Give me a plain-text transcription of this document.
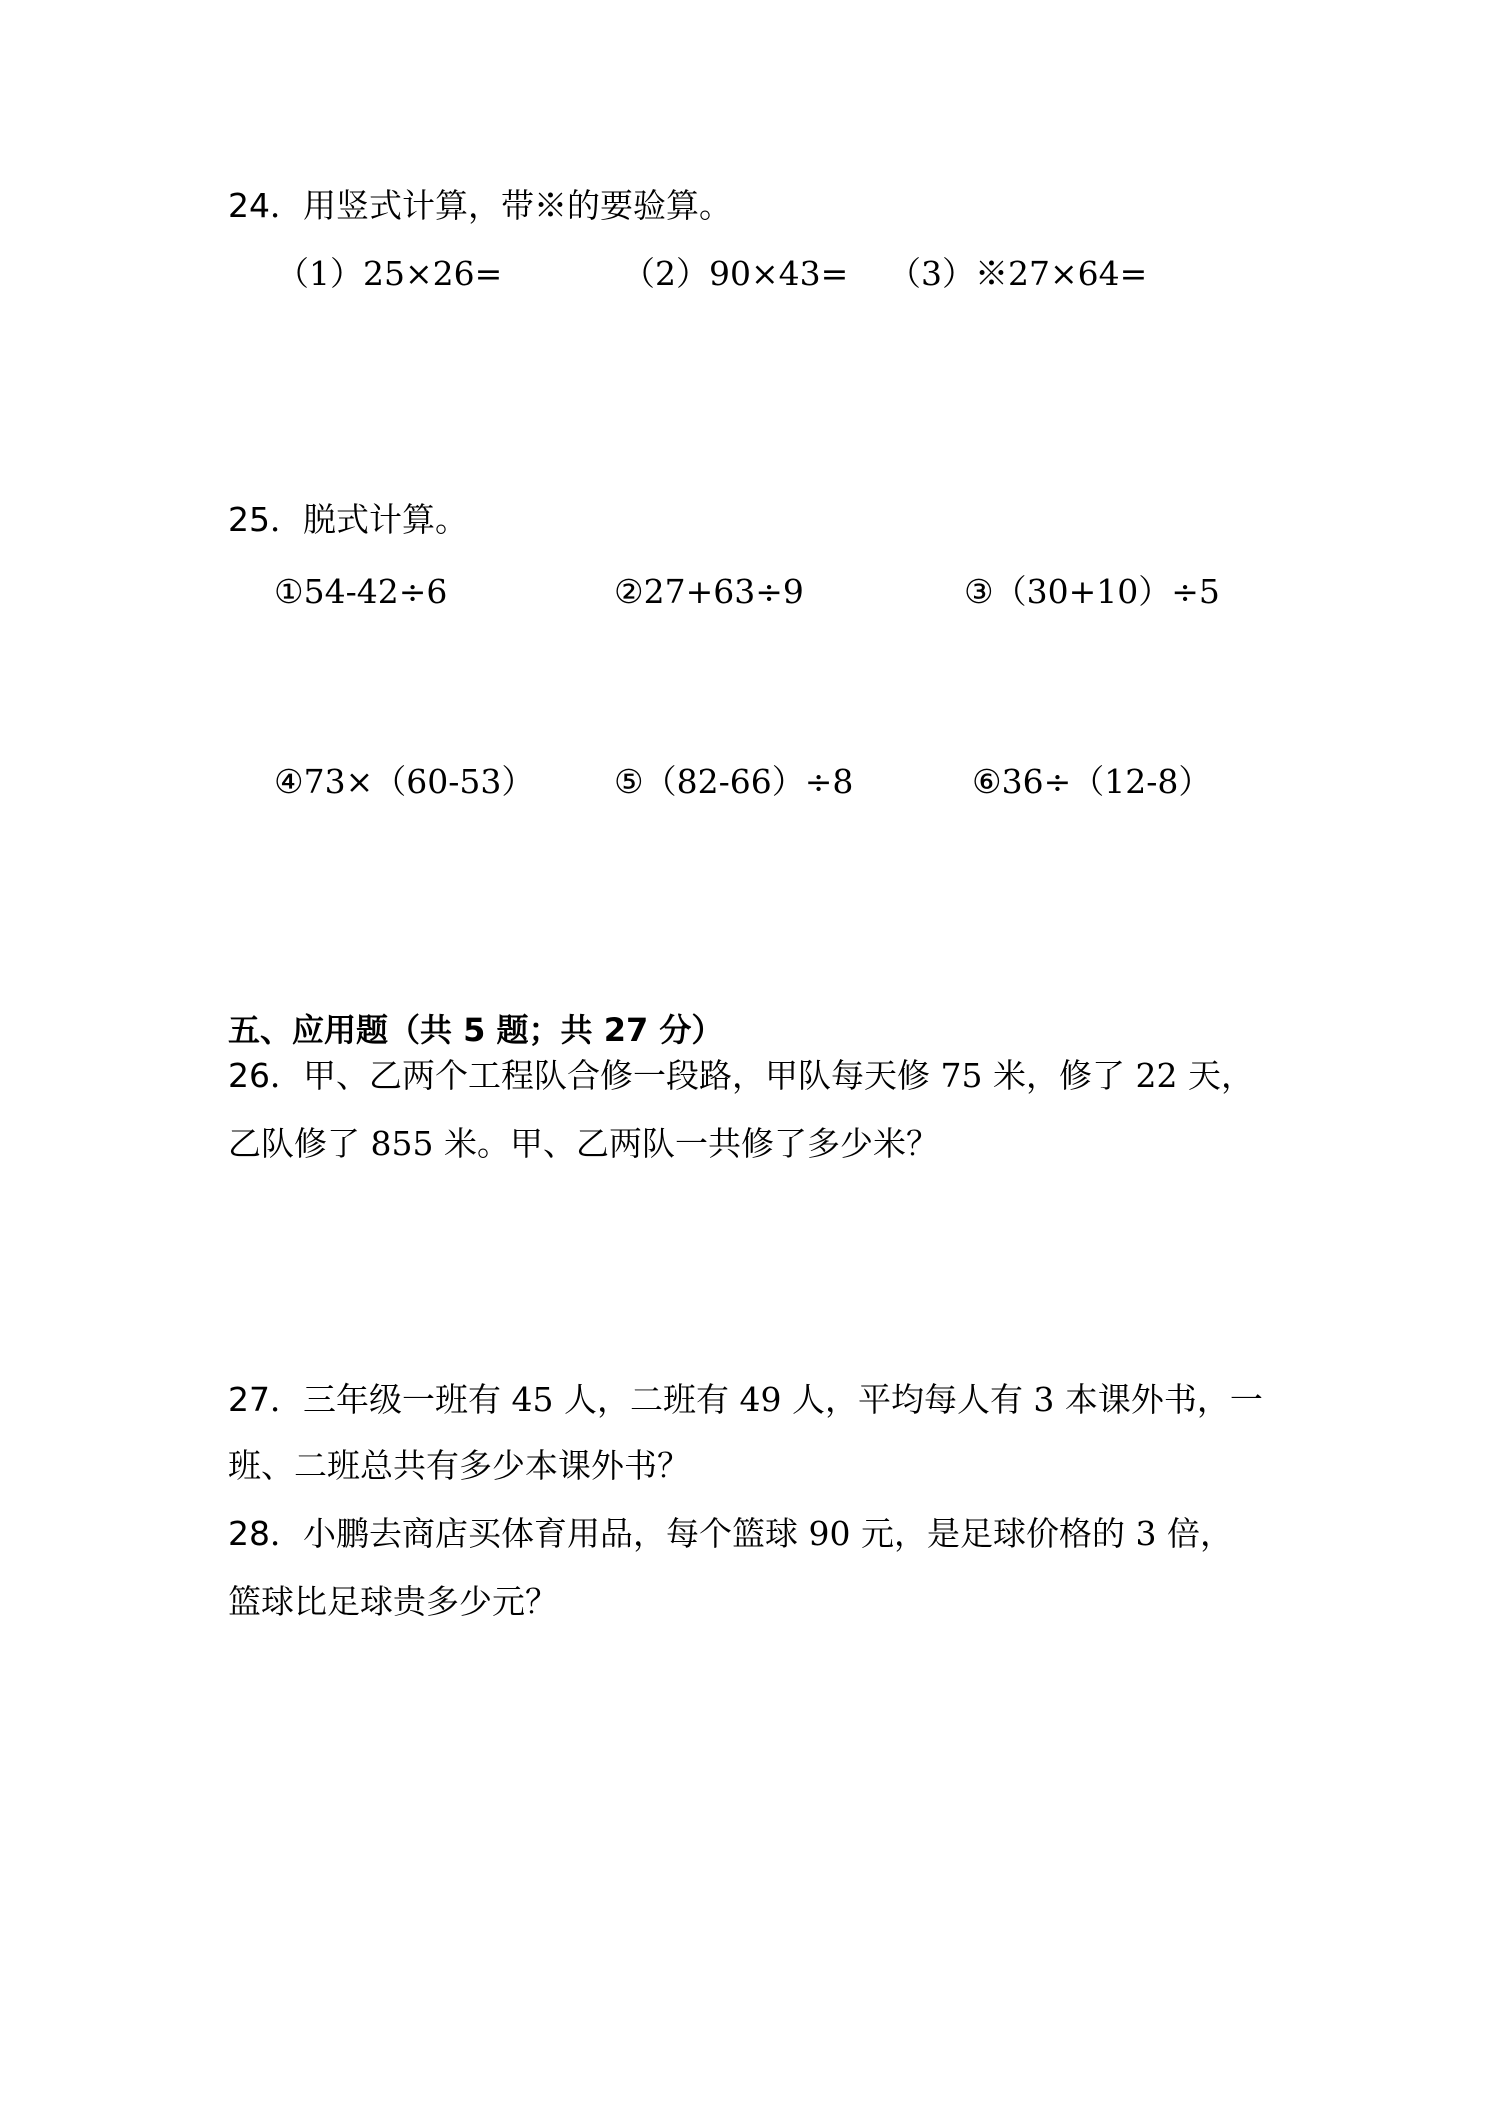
24．用竖式计算，带※的要验算。
（1）25×26=	（2）90×43= （3）※27×64=
25．脱式计算。
①54-42÷6	②27+63÷9	③（30+10）÷5
④73×（60-53） ⑤（82-66）÷8	⑥36÷（12-8）
五、应用题（共 5 题；共 27 分）
26．甲、乙两个工程队合修一段路，甲队每天修 75 米，修了 22 天，
乙队修了 855 米。甲、乙两队一共修了多少米？
27．三年级一班有 45 人，二班有 49 人，平均每人有 3 本课外书，一
班、二班总共有多少本课外书？
28．小鹏去商店买体育用品，每个篮球 90 元，是足球价格的 3 倍，
篮球比足球贵多少元？
